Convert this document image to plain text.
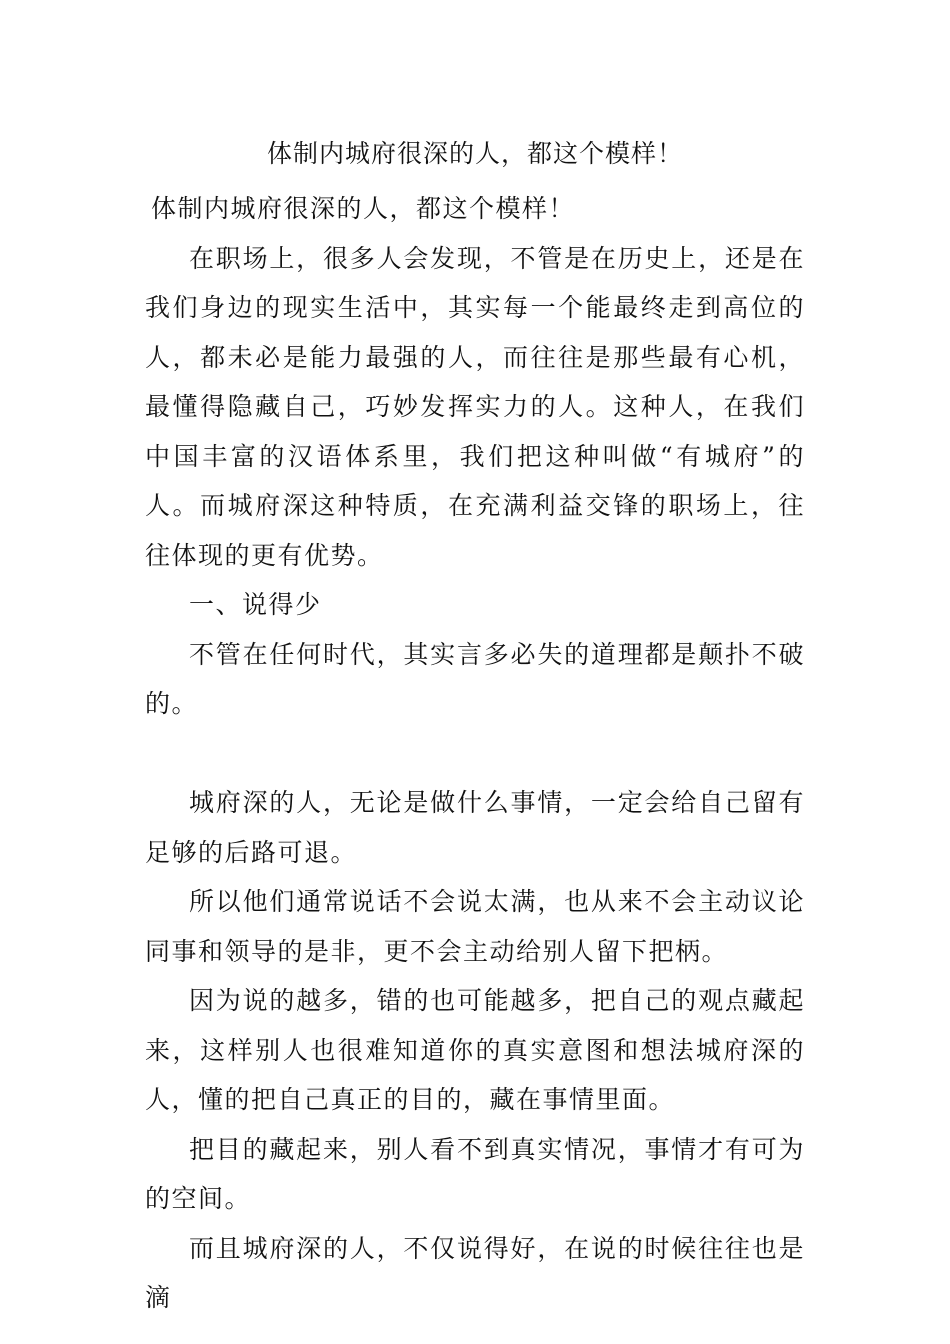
体制内城府很深的人，都这个模样！

体制内城府很深的人，都这个模样！

在职场上，很多人会发现，不管是在历史上，还是在我们身边的现实生活中，其实每一个能最终走到高位的人，都未必是能力最强的人，而往往是那些最有心机，最懂得隐藏自己，巧妙发挥实力的人。这种人，在我们中国丰富的汉语体系里，我们把这种叫做“有城府”的人。而城府深这种特质，在充满利益交锋的职场上，往往体现的更有优势。

一、说得少

不管在任何时代，其实言多必失的道理都是颠扑不破的。

城府深的人，无论是做什么事情，一定会给自己留有足够的后路可退。

所以他们通常说话不会说太满，也从来不会主动议论同事和领导的是非，更不会主动给别人留下把柄。

因为说的越多，错的也可能越多，把自己的观点藏起来，这样别人也很难知道你的真实意图和想法城府深的人，懂的把自己真正的目的，藏在事情里面。

把目的藏起来，别人看不到真实情况，事情才有可为的空间。

而且城府深的人，不仅说得好，在说的时候往往也是滴
